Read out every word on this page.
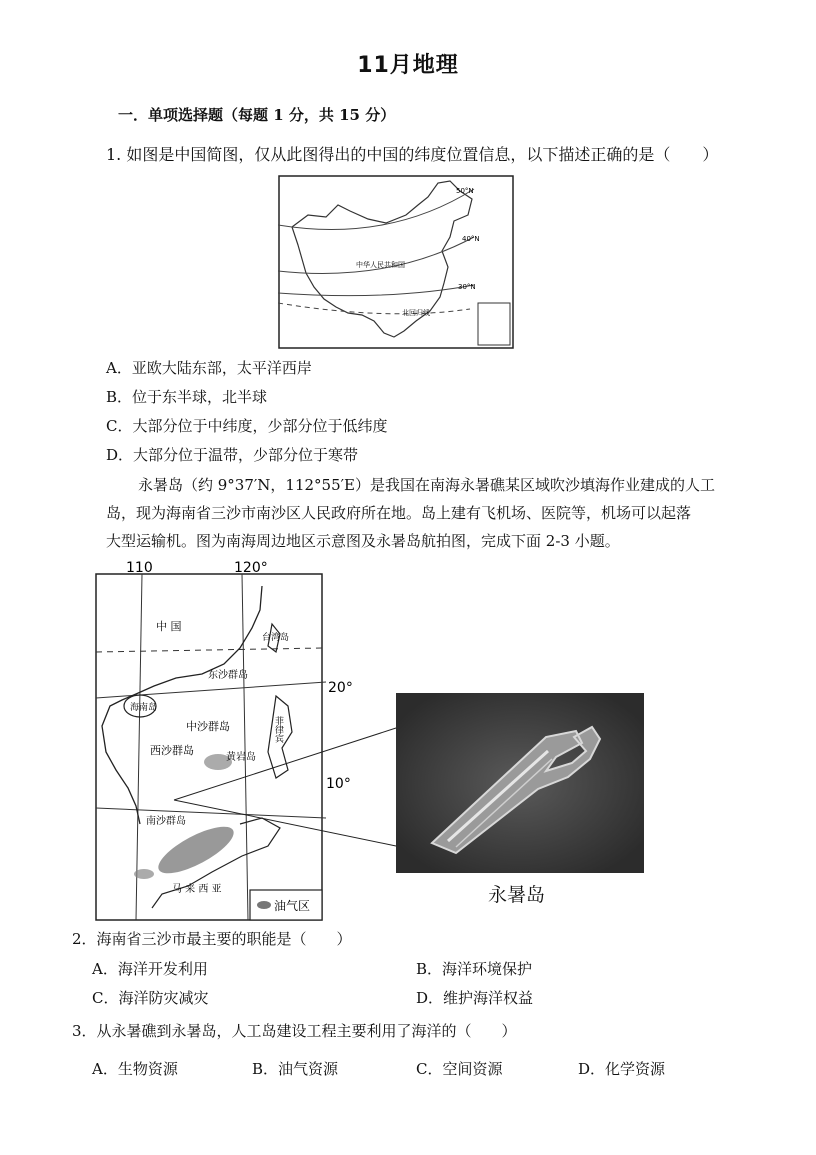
11月地理
一．单项选择题（每题 1 分，共 15 分）
1. 如图是中国简图，仅从此图得出的中国的纬度位置信息，以下描述正确的是（　　）
50°N
40°N
30°N
中华人民共和国
北回归线
A．亚欧大陆东部，太平洋西岸
B．位于东半球，北半球
C．大部分位于中纬度，少部分位于低纬度
D．大部分位于温带，少部分位于寒带
永暑岛（约 9°37′N，112°55′E）是我国在南海永暑礁某区域吹沙填海作业建成的人工
岛，现为海南省三沙市南沙区人民政府所在地。岛上建有飞机场、医院等，机场可以起落
大型运输机。图为南海周边地区示意图及永暑岛航拍图，完成下面 2-3 小题。
油气区
110	120°
20°
10°
中 国
台湾岛
东沙群岛
海南岛
中沙群岛
西沙群岛
黄岩岛
南沙群岛
菲律宾
马 来 西 亚	永暑岛
2．海南省三沙市最主要的职能是（　　）
A．海洋开发利用	B．海洋环境保护
C．海洋防灾减灾	D．维护海洋权益
3．从永暑礁到永暑岛，人工岛建设工程主要利用了海洋的（　　）
A．生物资源	B．油气资源	C．空间资源	D．化学资源
